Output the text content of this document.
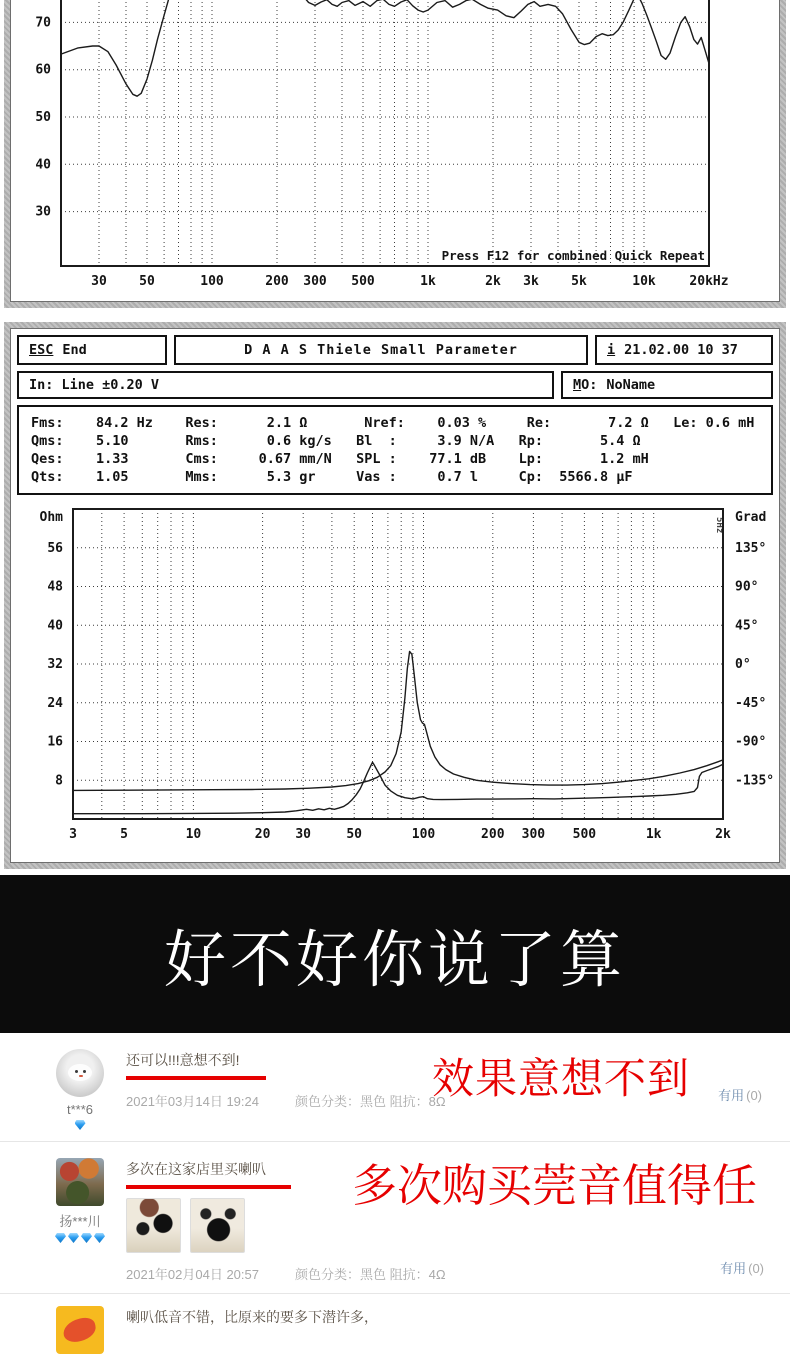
70
60
50
40
30
30 50	100	200 300 500	1k	2k 3k 5k	10k	20kHz
Press F12 for combined Quick Repeat
ESC End	D A A S Thiele Small Parameter	i 21.02.00 10 37
In: Line ±0.20 V	M O: NoName
Fms:    84.2 Hz    Res:      2.1 Ω       Nref:    0.03 %     Re:       7.2 Ω   Le: 0.6 mH
Qms:    5.10       Rms:      0.6 kg/s   Bl  :     3.9 N/A   Rp:       5.4 Ω
Qes:    1.33       Cms:     0.67 mm/N   SPL :    77.1 dB    Lp:       1.2 mH
Qts:    1.05       Mms:      5.3 gr     Vas :     0.7 l     Cp:  5566.8 µF
56	135°
48	90°
40	45°
32	0°
24	-45°
16	-90°
8	-135°
3	5	10	20 30	50	100	200 300 500	1k	2k
Ohm	Grad
5Hz
好不好你说了算
t***6
还可以!!!意想不到!
2021年03月14日 19:24	颜色分类：黑色 阻抗：8Ω
效果意想不到 有用 (0)
扬***川
多次在这家店里买喇叭
2021年02月04日 20:57	颜色分类：黑色 阻抗：4Ω
多次购买莞音值得任
有用 (0)
喇叭低音不错，比原来的要多下潜许多，
